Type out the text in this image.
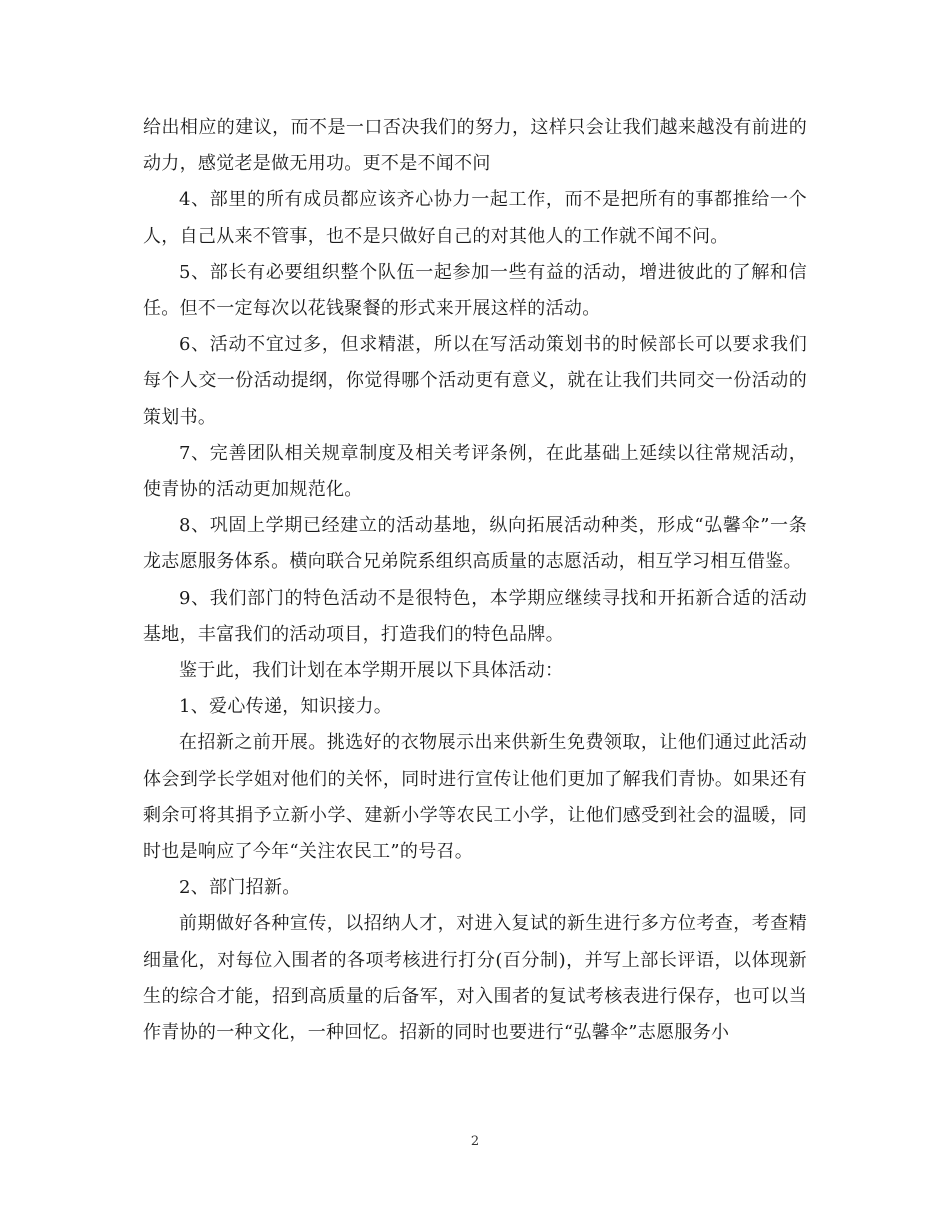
给出相应的建议，而不是一口否决我们的努力，这样只会让我们越来越没有前进的动力，感觉老是做无用功。更不是不闻不问

4、部里的所有成员都应该齐心协力一起工作，而不是把所有的事都推给一个人，自己从来不管事，也不是只做好自己的对其他人的工作就不闻不问。

5、部长有必要组织整个队伍一起参加一些有益的活动，增进彼此的了解和信任。但不一定每次以花钱聚餐的形式来开展这样的活动。

6、活动不宜过多，但求精湛，所以在写活动策划书的时候部长可以要求我们每个人交一份活动提纲，你觉得哪个活动更有意义，就在让我们共同交一份活动的策划书。

7、完善团队相关规章制度及相关考评条例，在此基础上延续以往常规活动，使青协的活动更加规范化。

8、巩固上学期已经建立的活动基地，纵向拓展活动种类，形成“弘馨伞”一条龙志愿服务体系。横向联合兄弟院系组织高质量的志愿活动，相互学习相互借鉴。

9、我们部门的特色活动不是很特色，本学期应继续寻找和开拓新合适的活动基地，丰富我们的活动项目，打造我们的特色品牌。

鉴于此，我们计划在本学期开展以下具体活动：

1、爱心传递，知识接力。

在招新之前开展。挑选好的衣物展示出来供新生免费领取，让他们通过此活动体会到学长学姐对他们的关怀，同时进行宣传让他们更加了解我们青协。如果还有剩余可将其捐予立新小学、建新小学等农民工小学，让他们感受到社会的温暖，同时也是响应了今年“关注农民工”的号召。

2、部门招新。

前期做好各种宣传，以招纳人才，对进入复试的新生进行多方位考查，考查精细量化，对每位入围者的各项考核进行打分(百分制)，并写上部长评语，以体现新生的综合才能，招到高质量的后备军，对入围者的复试考核表进行保存，也可以当作青协的一种文化，一种回忆。招新的同时也要进行“弘馨伞”志愿服务小

2
